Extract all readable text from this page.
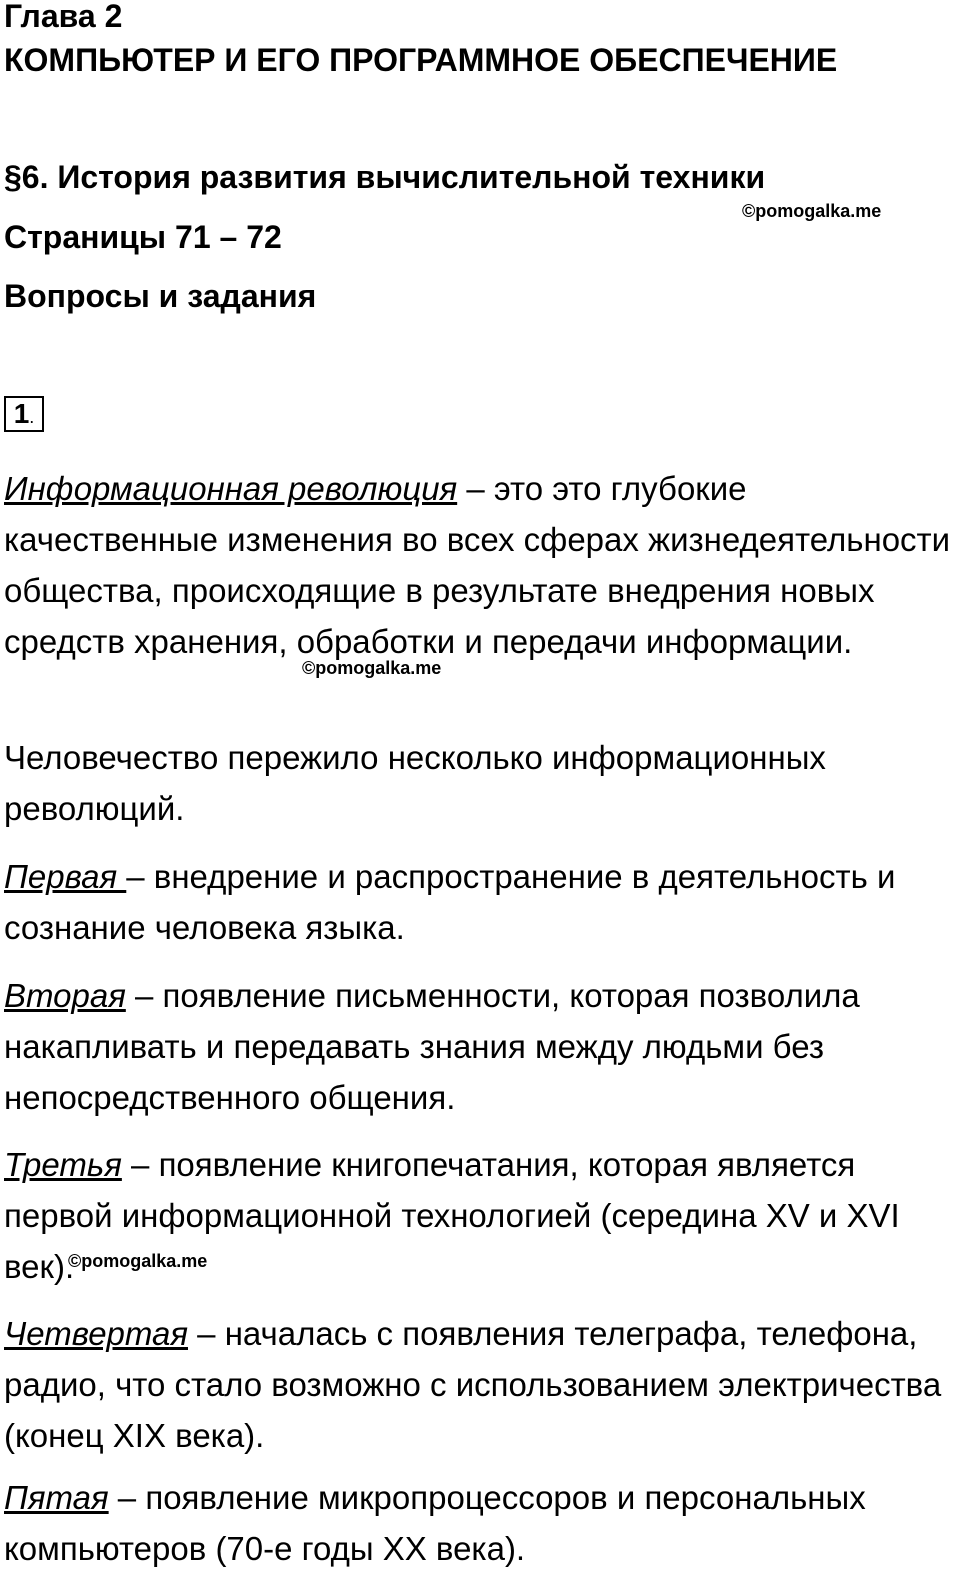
Глава 2
КОМПЬЮТЕР И ЕГО ПРОГРАММНОЕ ОБЕСПЕЧЕНИЕ
§6. История развития вычислительной техники
©pomogalka.me
Страницы 71 – 72
Вопросы и задания
1.

Информационная революция – это это глубокие качественные изменения во всех сферах жизнедеятельности общества, происходящие в результате внедрения новых средств хранения, обработки и передачи информации.

©pomogalka.me

Человечество пережило несколько информационных революций.

Первая – внедрение и распространение в деятельность и сознание человека языка.

Вторая – появление письменности, которая позволила накапливать и передавать знания между людьми без непосредственного общения.

Третья – появление книгопечатания, которая является первой информационной технологией (середина XV и XVI век).

©pomogalka.me

Четвертая – началась с появления телеграфа, телефона, радио, что стало возможно с использованием электричества (конец XIX века).

Пятая – появление микропроцессоров и персональных компьютеров (70-е годы XX века).
